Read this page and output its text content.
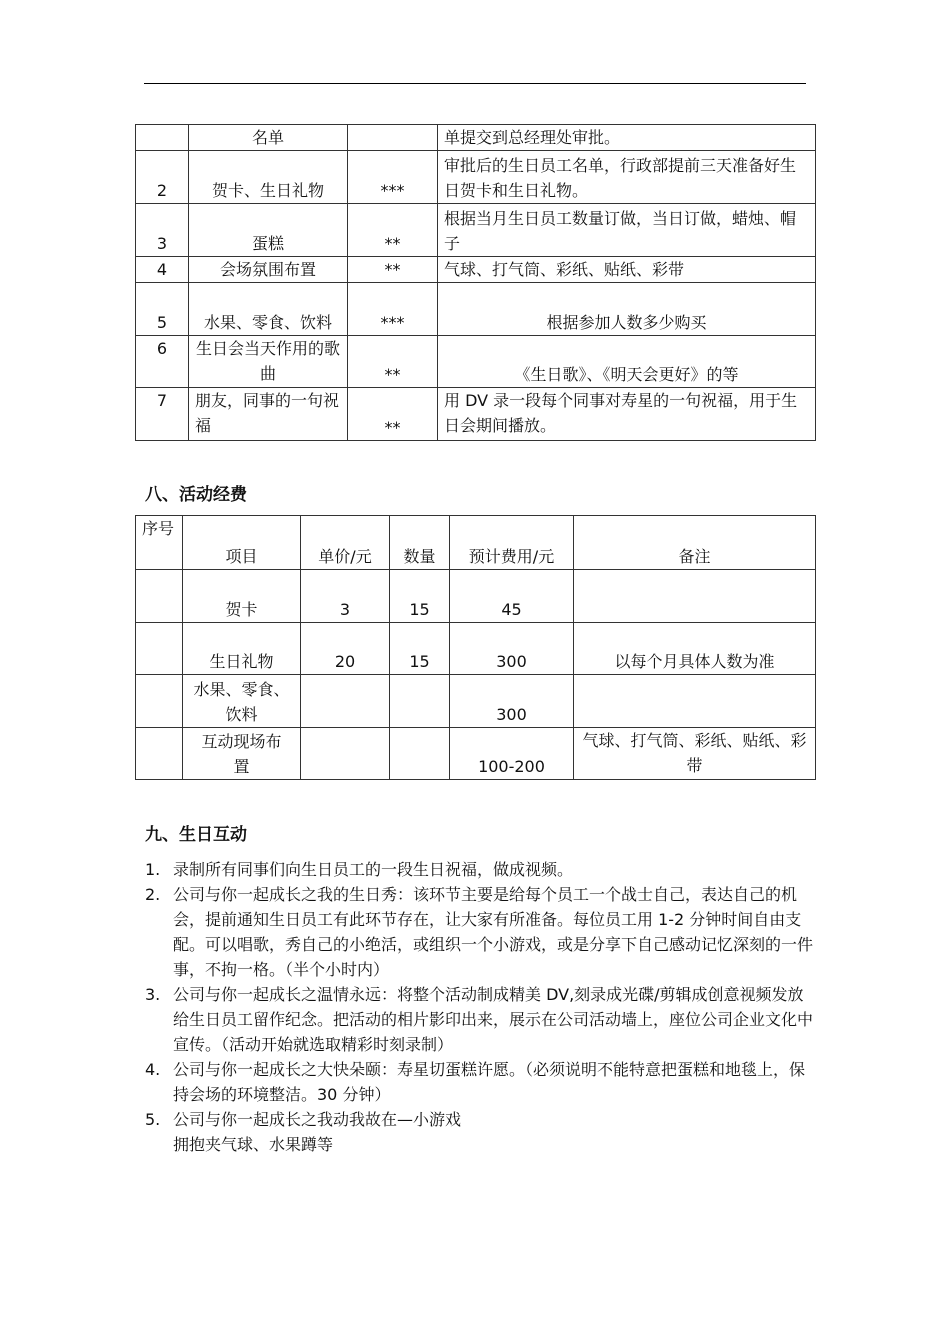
	名单		单提交到总经理处审批。
2	贺卡、生日礼物	***	审批后的生日员工名单，行政部提前三天准备好生日贺卡和生日礼物。
3	蛋糕	**	根据当月生日员工数量订做，当日订做，蜡烛、帽子
4	会场氛围布置	**	气球、打气筒、彩纸、贴纸、彩带
5	水果、零食、饮料	***	根据参加人数多少购买
6	生日会当天作用的歌曲	**	《生日歌》、《明天会更好》的等
7	朋友，同事的一句祝福	**	用 DV 录一段每个同事对寿星的一句祝福，用于生日会期间播放。
八、活动经费
序号	项目	单价/元	数量	预计费用/元	备注
	贺卡	3	15	45	
	生日礼物	20	15	300	以每个月具体人数为准
	水果、零食、饮料			300	
	互动现场布置			100-200	气球、打气筒、彩纸、贴纸、彩带
九、生日互动
1. 录制所有同事们向生日员工的一段生日祝福，做成视频。
2. 公司与你一起成长之我的生日秀：该环节主要是给每个员工一个战士自己，表达自己的机会，提前通知生日员工有此环节存在，让大家有所准备。每位员工用 1-2 分钟时间自由支配。可以唱歌，秀自己的小绝活，或组织一个小游戏，或是分享下自己感动记忆深刻的一件事，不拘一格。（半个小时内）
3. 公司与你一起成长之温情永远：将整个活动制成精美 DV,刻录成光碟/剪辑成创意视频发放给生日员工留作纪念。把活动的相片影印出来，展示在公司活动墙上，座位公司企业文化中宣传。（活动开始就选取精彩时刻录制）
4. 公司与你一起成长之大快朵颐：寿星切蛋糕许愿。（必须说明不能特意把蛋糕和地毯上，保持会场的环境整洁。30 分钟）
5. 公司与你一起成长之我动我故在—小游戏
拥抱夹气球、水果蹲等
